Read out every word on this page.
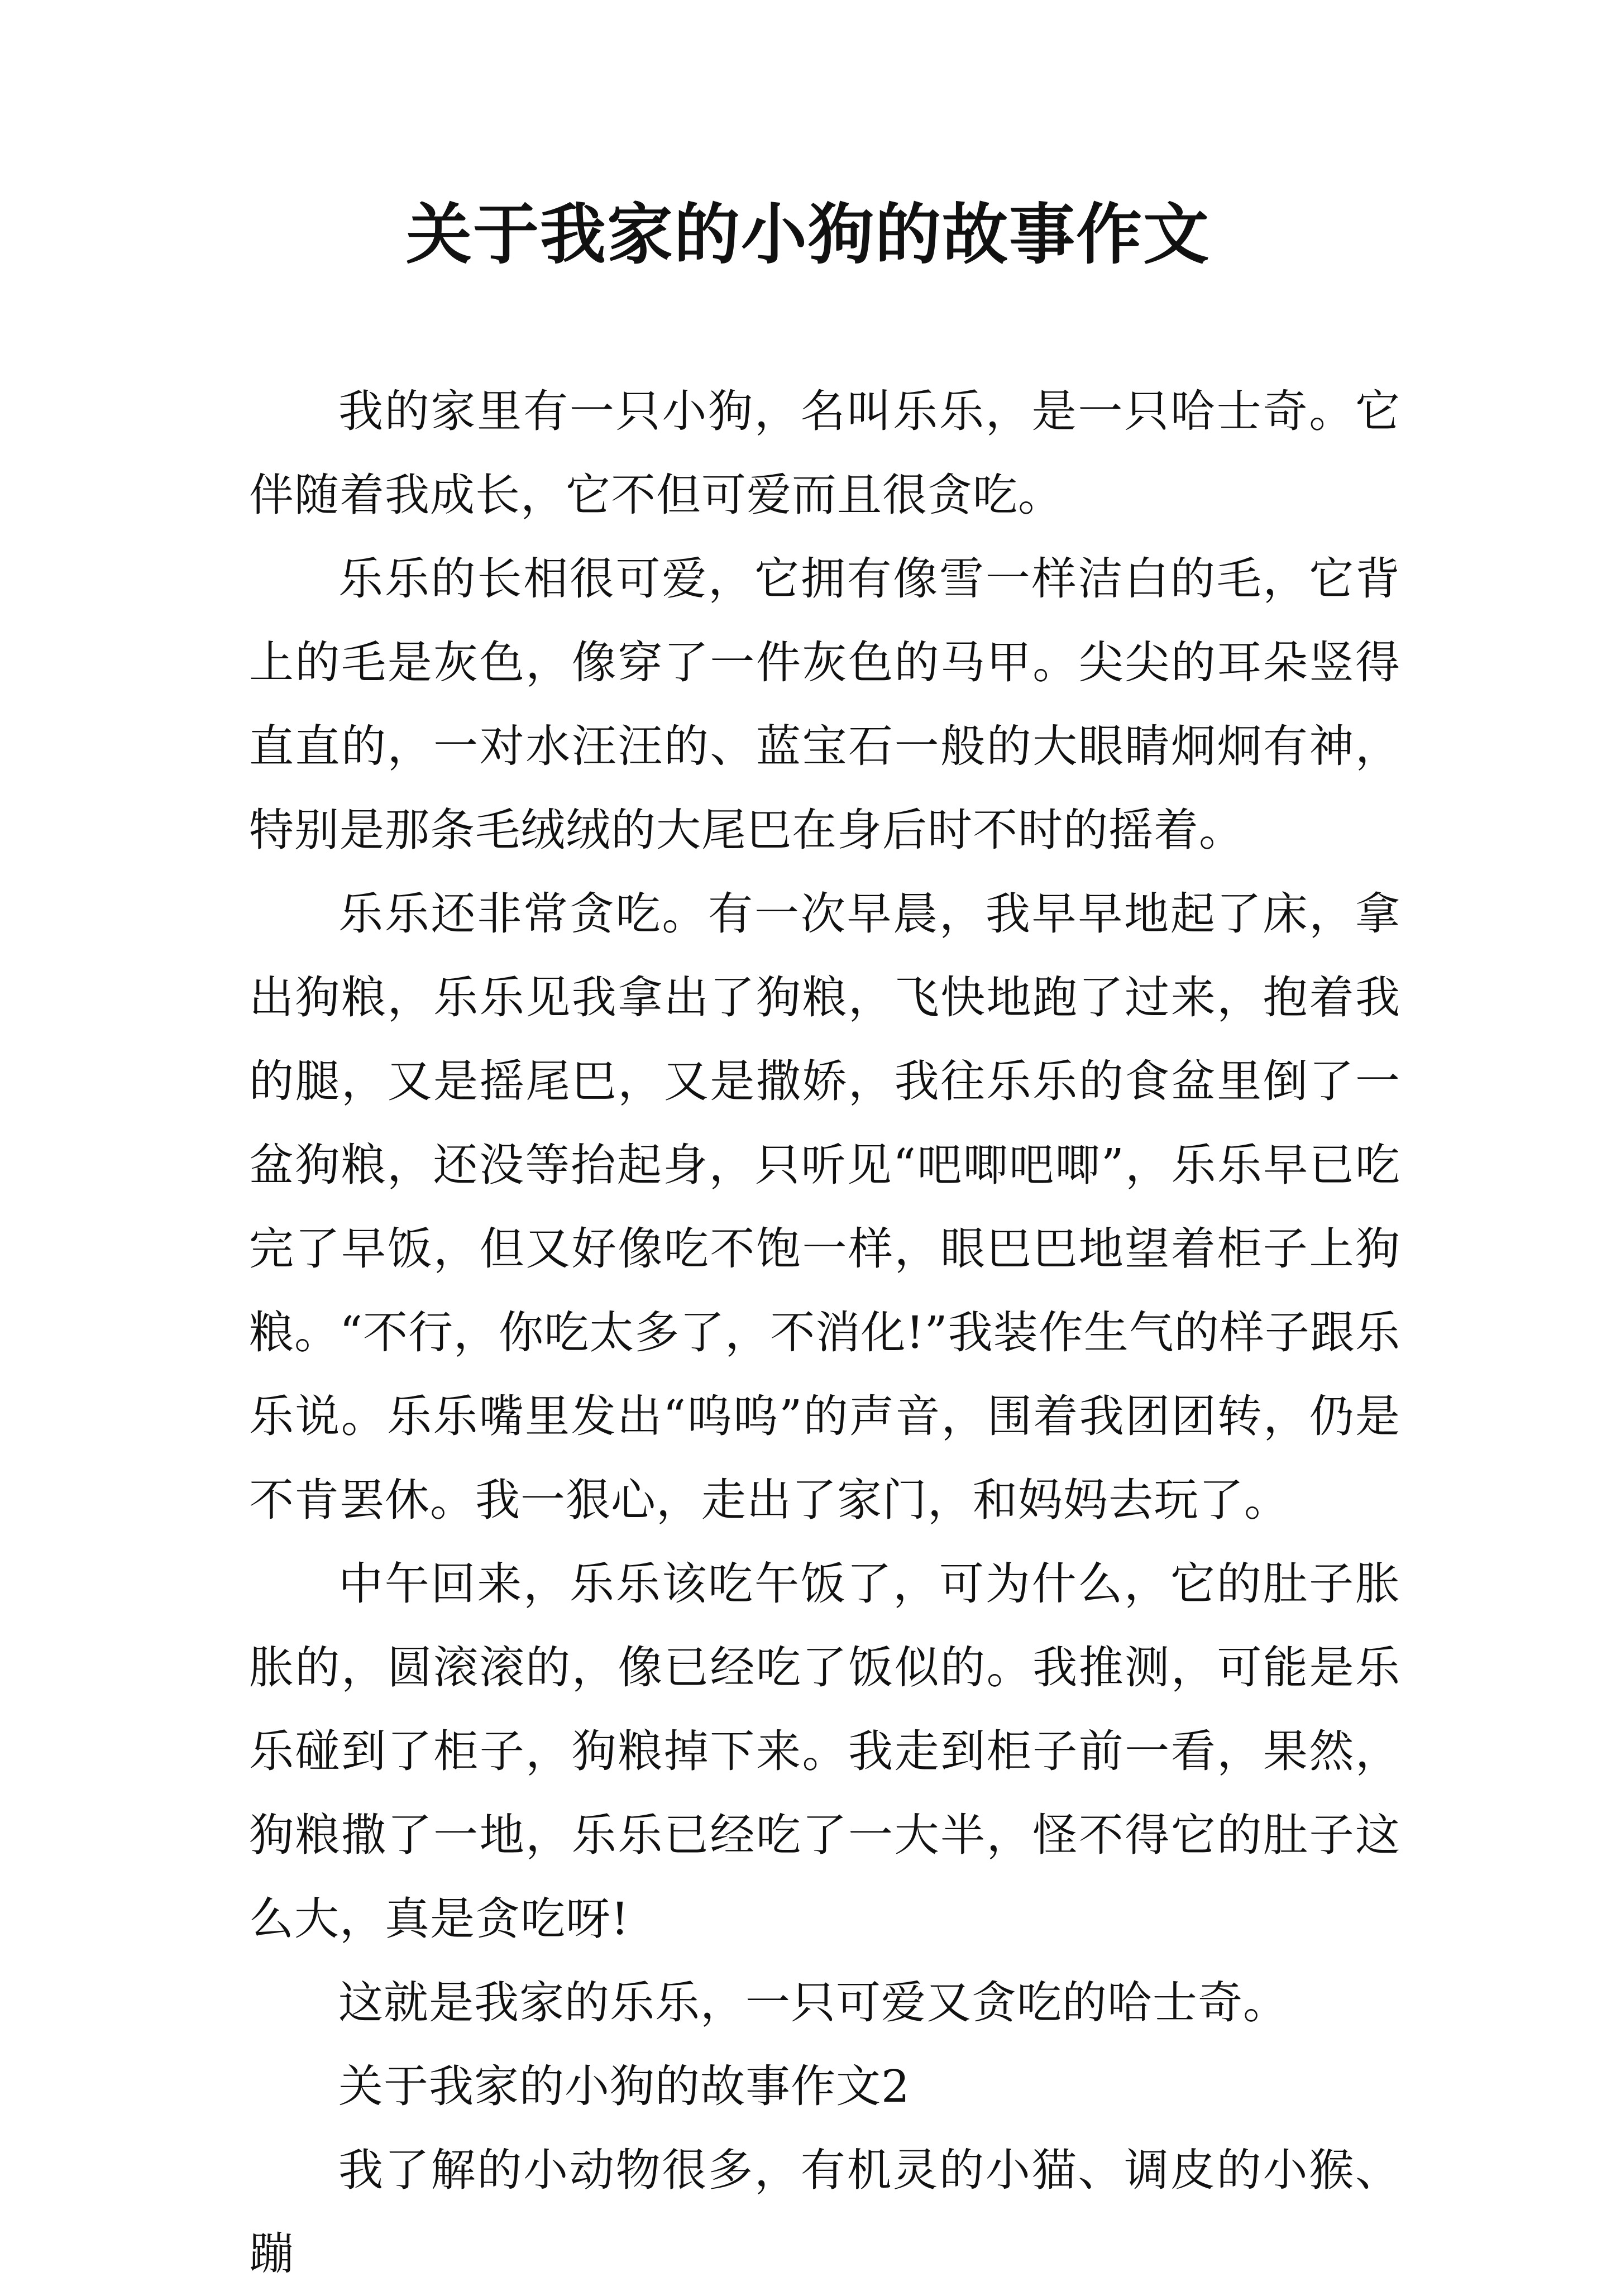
关于我家的小狗的故事作文

我的家里有一只小狗，名叫乐乐，是一只哈士奇。它伴随着我成长，它不但可爱而且很贪吃。

乐乐的长相很可爱，它拥有像雪一样洁白的毛，它背上的毛是灰色，像穿了一件灰色的马甲。尖尖的耳朵竖得直直的，一对水汪汪的、蓝宝石一般的大眼睛炯炯有神，特别是那条毛绒绒的大尾巴在身后时不时的摇着。

乐乐还非常贪吃。有一次早晨，我早早地起了床，拿出狗粮，乐乐见我拿出了狗粮，飞快地跑了过来，抱着我的腿，又是摇尾巴，又是撒娇，我往乐乐的食盆里倒了一盆狗粮，还没等抬起身，只听见“吧唧吧唧”，乐乐早已吃完了早饭，但又好像吃不饱一样，眼巴巴地望着柜子上狗粮。“不行，你吃太多了，不消化!”我装作生气的样子跟乐乐说。乐乐嘴里发出“呜呜”的声音，围着我团团转，仍是不肯罢休。我一狠心，走出了家门，和妈妈去玩了。

中午回来，乐乐该吃午饭了，可为什么，它的肚子胀胀的，圆滚滚的，像已经吃了饭似的。我推测，可能是乐乐碰到了柜子，狗粮掉下来。我走到柜子前一看，果然，狗粮撒了一地，乐乐已经吃了一大半，怪不得它的肚子这么大，真是贪吃呀!

这就是我家的乐乐，一只可爱又贪吃的哈士奇。

关于我家的小狗的故事作文2

我了解的小动物很多，有机灵的小猫、调皮的小猴、蹦
